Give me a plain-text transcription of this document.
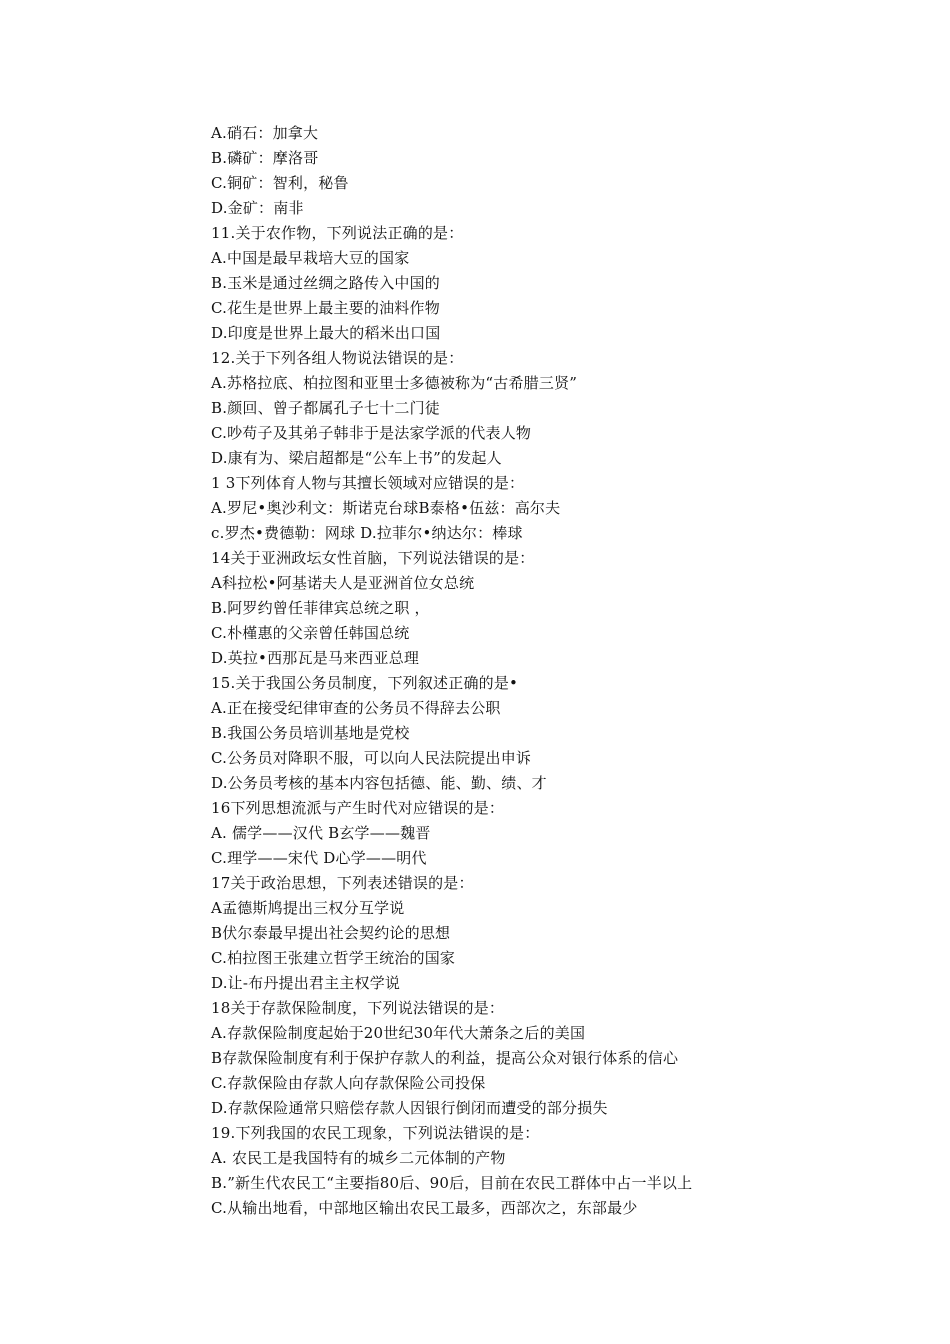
A.硝石：加拿大
B.磷矿：摩洛哥
C.铜矿：智利，秘鲁
D.金矿：南非
11.关于农作物，下列说法正确的是：
A.中国是最早栽培大豆的国家
B.玉米是通过丝绸之路传入中国的
C.花生是世界上最主要的油料作物
D.印度是世界上最大的稻米出口国
12.关于下列各组人物说法错误的是：
A.苏格拉底、柏拉图和亚里士多德被称为“古希腊三贤”
B.颜回、曾子都属孔子七十二门徒
C.吵苟子及其弟子韩非于是法家学派的代表人物
D.康有为、梁启超都是“公车上书”的发起人
1 3下列体育人物与其擅长领域对应错误的是：
A.罗尼•奥沙利文：斯诺克台球B泰格•伍兹：高尔夫
c.罗杰•费德勒：网球 D.拉菲尔•纳达尔：棒球
14关于亚洲政坛女性首脑，下列说法错误的是：
A科拉松•阿基诺夫人是亚洲首位女总统
B.阿罗约曾任菲律宾总统之职 ，
C.朴槿惠的父亲曾任韩国总统
D.英拉•西那瓦是马来西亚总理
15.关于我国公务员制度，下列叙述正确的是•
A.正在接受纪律审查的公务员不得辞去公职
B.我国公务员培训基地是党校
C.公务员对降职不服，可以向人民法院提出申诉
D.公务员考核的基本内容包括德、能、勤、绩、才
16下列思想流派与产生时代对应错误的是：
A. 儒学——汉代 B玄学——魏晋
C.理学——宋代 D心学——明代
17关于政治思想，下列表述错误的是：
A孟德斯鸠提出三权分互学说
B伏尔泰最早提出社会契约论的思想
C.柏拉图王张建立哲学王统治的国家
D.让-布丹提出君主主权学说
18关于存款保险制度，下列说法错误的是：
A.存款保险制度起始于20世纪30年代大萧条之后的美国
B存款保险制度有利于保护存款人的利益，提高公众对银行体系的信心
C.存款保险由存款人向存款保险公司投保
D.存款保险通常只赔偿存款人因银行倒闭而遭受的部分损失
19.下列我国的农民工现象，下列说法错误的是：
A. 农民工是我国特有的城乡二元体制的产物
B.”新生代农民工“主要指80后、90后，目前在农民工群体中占一半以上
C.从输出地看，中部地区输出农民工最多，西部次之，东部最少
